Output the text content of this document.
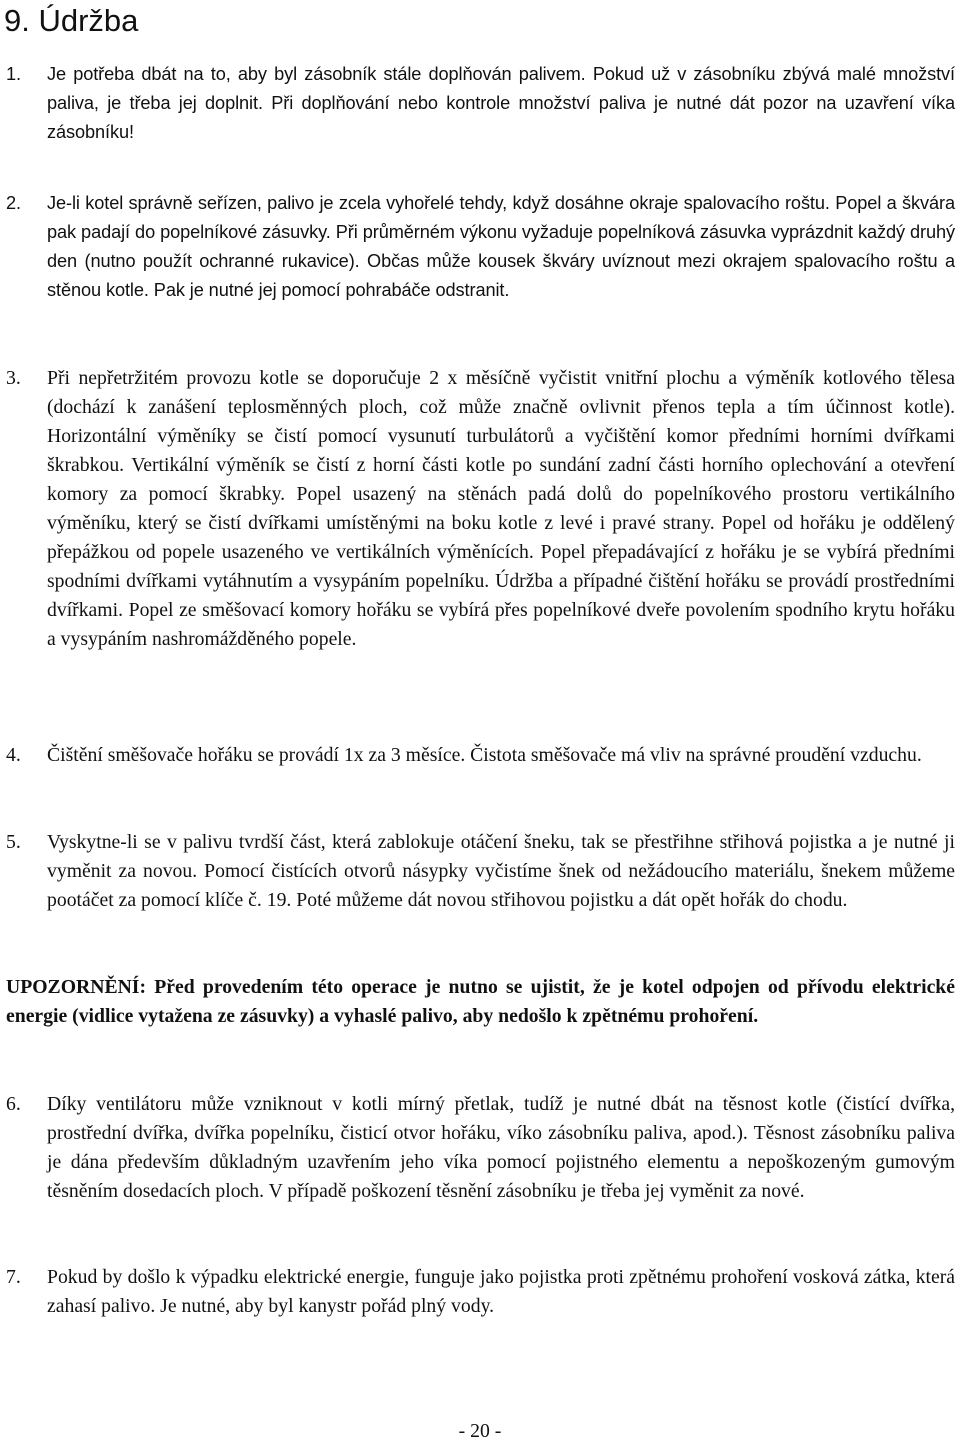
9. Údržba
1.	Je potřeba dbát na to, aby byl zásobník stále doplňován palivem. Pokud už v zásobníku zbývá malé množství paliva, je třeba jej doplnit. Při doplňování nebo kontrole množství paliva je nutné dát pozor na uzavření víka zásobníku!
2.	Je-li kotel správně seřízen, palivo je zcela vyhořelé tehdy, když dosáhne okraje spalovacího roštu. Popel a škvára pak padají do popelníkové zásuvky. Při průměrném výkonu vyžaduje popelníková zásuvka vyprázdnit každý druhý den (nutno použít ochranné rukavice). Občas může kousek škváry uvíznout mezi okrajem spalovacího roštu a stěnou kotle. Pak je nutné jej pomocí pohrabáče odstranit.
3.	Při nepřetržitém provozu kotle se doporučuje 2 x měsíčně vyčistit vnitřní plochu a výměník kotlového tělesa (dochází k zanášení teplosměnných ploch, což může značně ovlivnit přenos tepla a tím účinnost kotle). Horizontální výměníky se čistí pomocí vysunutí turbulátorů a vyčištění komor předními horními dvířkami škrabkou. Vertikální výměník se čistí z horní části kotle po sundání zadní části horního oplechování a otevření komory za pomocí škrabky. Popel usazený na stěnách padá dolů do popelníkového prostoru vertikálního výměníku, který se čistí dvířkami umístěnými na boku kotle z levé i pravé strany. Popel od hořáku je oddělený přepážkou od popele usazeného ve vertikálních výměnících. Popel přepadávající z hořáku je se vybírá předními spodními dvířkami vytáhnutím a vysypáním popelníku. Údržba a případné čištění hořáku se provádí prostředními dvířkami. Popel ze směšovací komory hořáku se vybírá přes popelníkové dveře povolením spodního krytu hořáku a vysypáním nashromážděného popele.
4.	Čištění směšovače hořáku se provádí 1x za 3 měsíce. Čistota směšovače má vliv na správné proudění vzduchu.
5.	Vyskytne-li se v palivu tvrdší část, která zablokuje otáčení šneku, tak se přestřihne střihová pojistka a je nutné ji vyměnit za novou. Pomocí čistících otvorů násypky vyčistíme šnek od nežádoucího materiálu, šnekem můžeme pootáčet za pomocí klíče č. 19. Poté můžeme dát novou střihovou pojistku a dát opět hořák do chodu.
UPOZORNĚNÍ: Před provedením této operace je nutno se ujistit, že je kotel odpojen od přívodu elektrické energie (vidlice vytažena ze zásuvky) a vyhaslé palivo, aby nedošlo k zpětnému prohoření.
6.	Díky ventilátoru může vzniknout v kotli mírný přetlak, tudíž je nutné dbát na těsnost kotle (čistící dvířka, prostřední dvířka, dvířka popelníku, čisticí otvor hořáku, víko zásobníku paliva, apod.). Těsnost zásobníku paliva je dána především důkladným uzavřením jeho víka pomocí pojistného elementu a nepoškozeným gumovým těsněním dosedacích ploch. V případě poškození těsnění zásobníku je třeba jej vyměnit za nové.
7.	Pokud by došlo k výpadku elektrické energie, funguje jako pojistka proti zpětnému prohoření vosková zátka, která zahasí palivo. Je nutné, aby byl kanystr pořád plný vody.
- 20 -
